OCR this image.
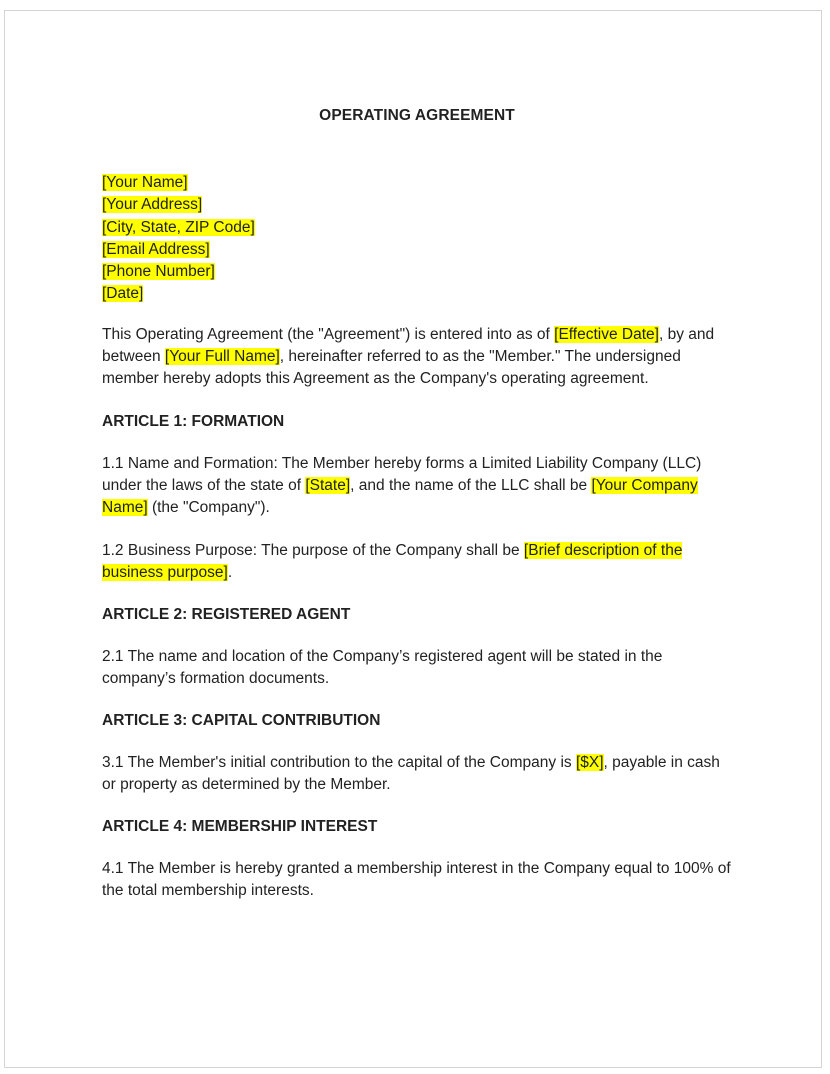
OPERATING AGREEMENT
[Your Name]
[Your Address]
[City, State, ZIP Code]
[Email Address]
[Phone Number]
[Date]
This Operating Agreement (the "Agreement") is entered into as of [Effective Date], by and between [Your Full Name], hereinafter referred to as the "Member." The undersigned member hereby adopts this Agreement as the Company's operating agreement.
ARTICLE 1: FORMATION
1.1 Name and Formation: The Member hereby forms a Limited Liability Company (LLC) under the laws of the state of [State], and the name of the LLC shall be [Your Company Name] (the "Company").
1.2 Business Purpose: The purpose of the Company shall be [Brief description of the business purpose].
ARTICLE 2: REGISTERED AGENT
2.1 The name and location of the Company’s registered agent will be stated in the company’s formation documents.
ARTICLE 3: CAPITAL CONTRIBUTION
3.1 The Member's initial contribution to the capital of the Company is [$X], payable in cash or property as determined by the Member.
ARTICLE 4: MEMBERSHIP INTEREST
4.1 The Member is hereby granted a membership interest in the Company equal to 100% of the total membership interests.
